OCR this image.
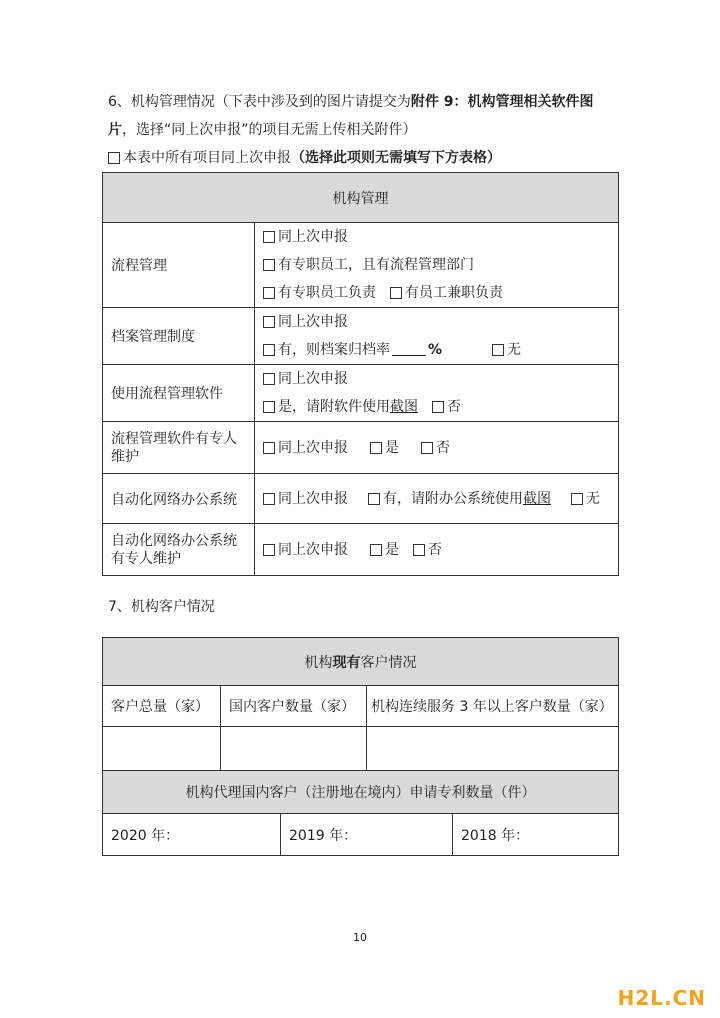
6、机构管理情况（下表中涉及到的图片请提交为附件 9：机构管理相关软件图
片，选择“同上次申报”的项目无需上传相关附件）
本表中所有项目同上次申报（选择此项则无需填写下方表格）
机构管理	
流程管理	同上次申报
有专职员工，且有流程管理部门
有专职员工负责 有员工兼职负责

档案管理制度	同上次申报
有，则档案归档率 % 无

使用流程管理软件	同上次申报
是，请附软件使用截图 否

流程管理软件有专人
维护	同上次申报 是 否

自动化网络办公系统	同上次申报 有，请附办公系统使用截图 无

自动化网络办公系统
有专人维护	同上次申报 是 否
7、机构客户情况
机构现有客户情况				
客户总量（家）	国内客户数量（家）		机构连续服务 3 年以上客户数量（家）	

机构代理国内客户（注册地在境内）申请专利数量（件）				
2020 年：		2019 年：		2018 年：
10
H2L.CN
